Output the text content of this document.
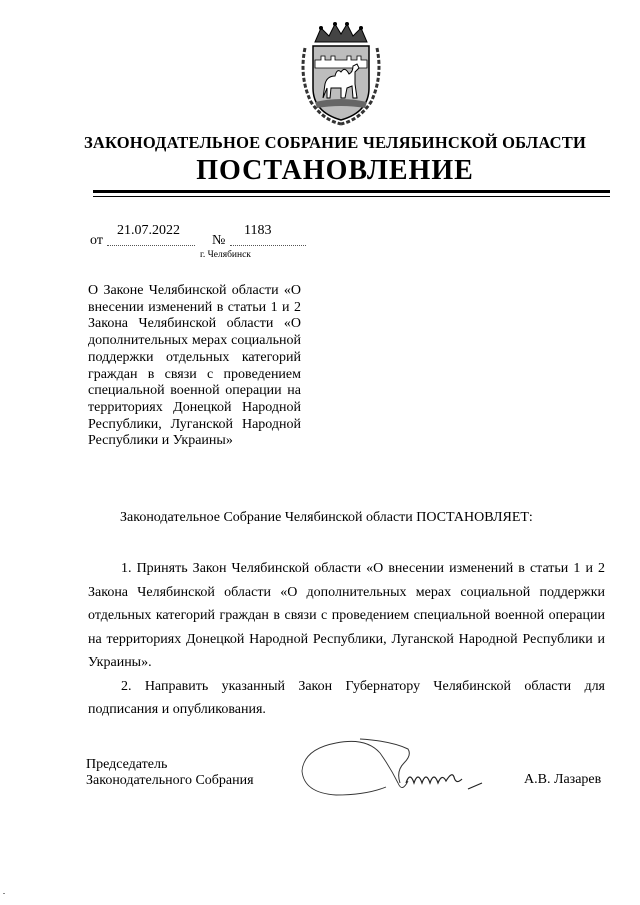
ЗАКОНОДАТЕЛЬНОЕ СОБРАНИЕ ЧЕЛЯБИНСКОЙ ОБЛАСТИ
ПОСТАНОВЛЕНИЕ
от
21.07.2022
№
1183
г. Челябинск
О Законе Челябинской области «О внесении изменений в статьи 1 и 2 Закона Челябинской области «О дополнительных мерах социальной поддержки отдельных категорий граждан в связи с проведением специальной военной операции на территориях Донецкой Народной Республики, Луганской Народной Республики и Украины»
Законодательное Собрание Челябинской области ПОСТАНОВЛЯЕТ:

1. Принять Закон Челябинской области «О внесении изменений в статьи 1 и 2 Закона Челябинской области «О дополнительных мерах социальной поддержки отдельных категорий граждан в связи с проведением специальной военной операции на территориях Донецкой Народной Республики, Луганской Народной Республики и Украины».

2. Направить указанный Закон Губернатору Челябинской области для подписания и опубликования.

Председатель
Законодательного Собрания	А.В. Лазарев
